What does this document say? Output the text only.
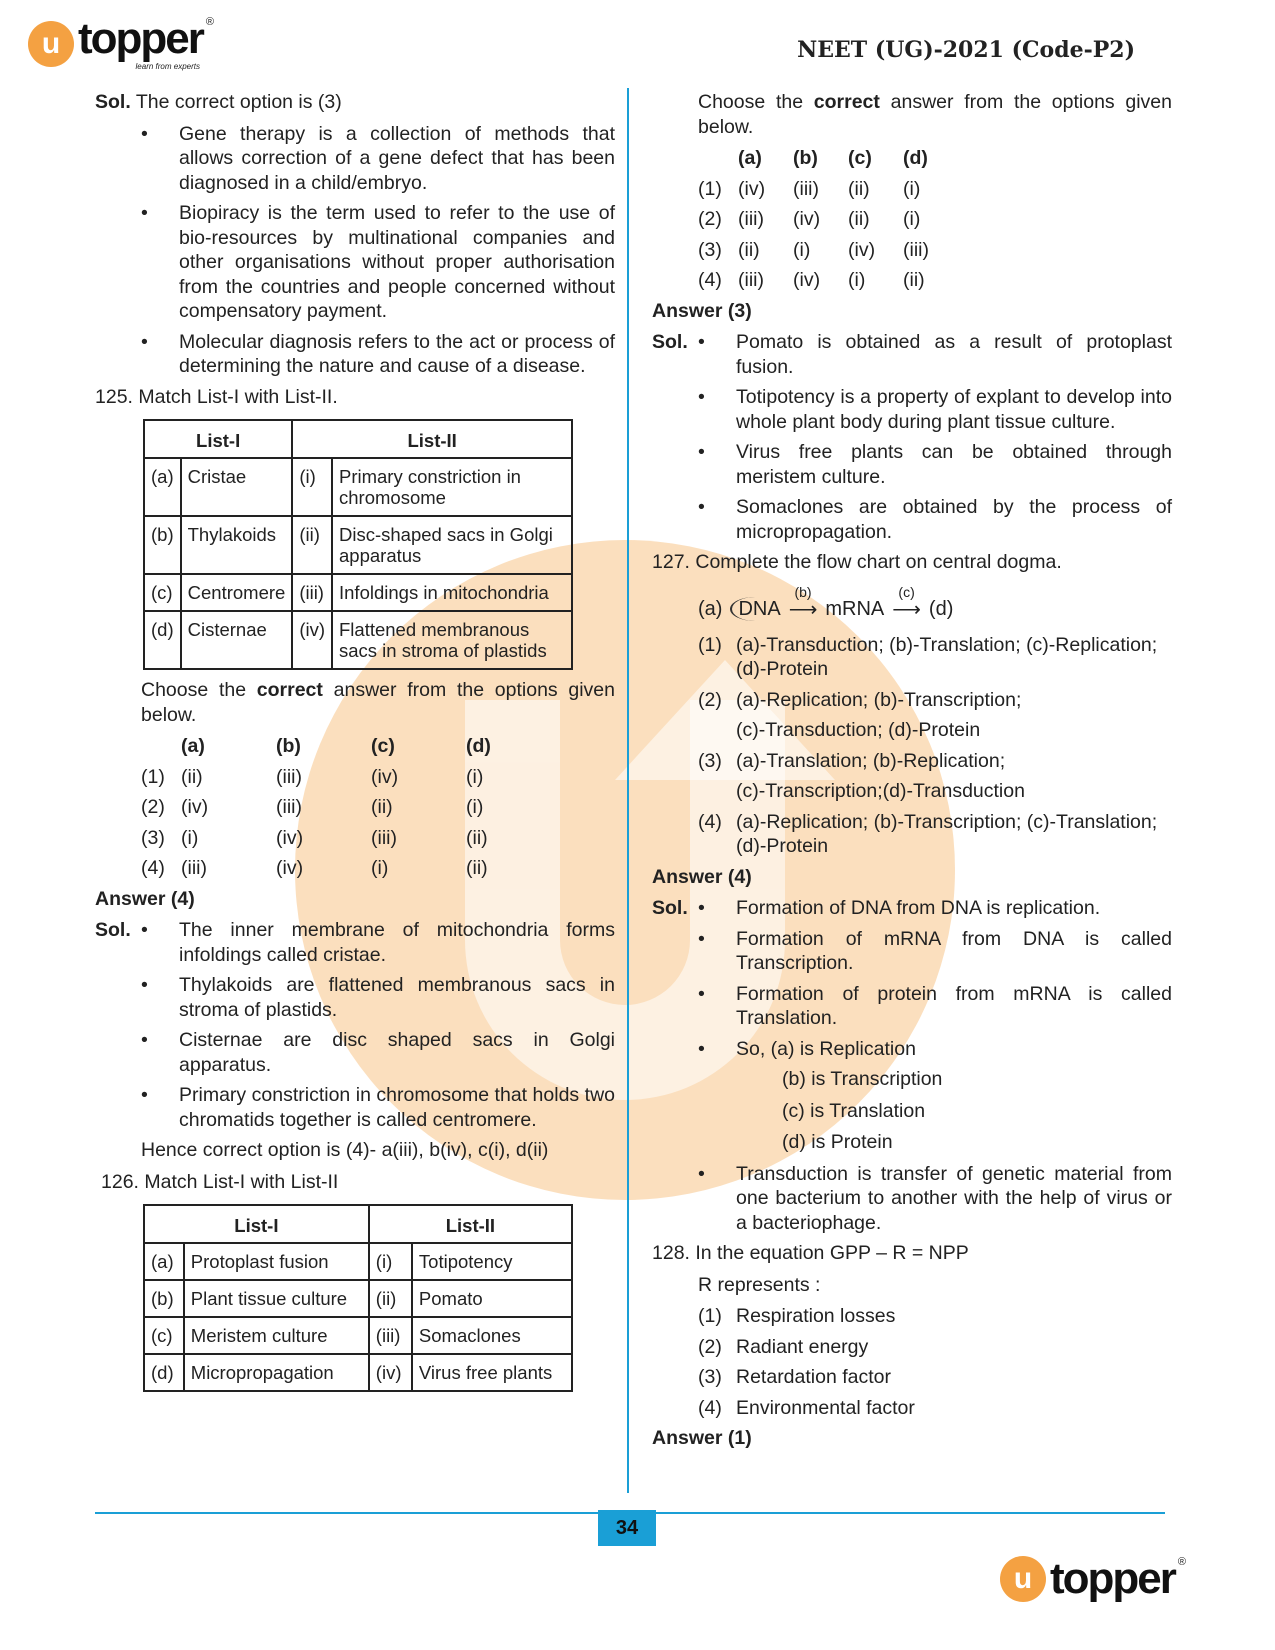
u topper ®
learn from experts
NEET (UG)-2021 (Code-P2)
Sol. The correct option is (3)
•	Gene therapy is a collection of methods that allows correction of a gene defect that has been diagnosed in a child/embryo.
•	Biopiracy is the term used to refer to the use of bio-resources by multinational companies and other organisations without proper authorisation from the countries and people concerned without compensatory payment.
•	Molecular diagnosis refers to the act or process of determining the nature and cause of a disease.
125. Match List-I with List-II.
List-I		List-II	
(a)	Cristae	(i)	Primary constriction in chromosome
(b)	Thylakoids	(ii)	Disc-shaped sacs in Golgi apparatus
(c)	Centromere	(iii)	Infoldings in mitochondria
(d)	Cisternae	(iv)	Flattened membranous sacs in stroma of plastids
Choose the correct answer from the options given below.
(a)	(b)	(c)	(d)
(1) (ii)	(iii)	(iv)	(i)
(2) (iv)	(iii)	(ii)	(i)
(3) (i)	(iv)	(iii)	(ii)
(4) (iii)	(iv)	(i)	(ii)
Answer (4)
Sol. •	The inner membrane of mitochondria forms infoldings called cristae.
•	Thylakoids are flattened membranous sacs in stroma of plastids.
•	Cisternae are disc shaped sacs in Golgi apparatus.
•	Primary constriction in chromosome that holds two chromatids together is called centromere.
Hence correct option is (4)- a(iii), b(iv), c(i), d(ii)
126. Match List-I with List-II
List-I		List-II	
(a)	Protoplast fusion	(i)	Totipotency
(b)	Plant tissue culture	(ii)	Pomato
(c)	Meristem culture	(iii)	Somaclones
(d)	Micropropagation	(iv)	Virus free plants
Choose the correct answer from the options given below.
(a)	(b)	(c)	(d)
(1) (iv)	(iii)	(ii)	(i)
(2) (iii)	(iv)	(ii)	(i)
(3) (ii)	(i)	(iv)	(iii)
(4) (iii)	(iv)	(i)	(ii)
Answer (3)
Sol. •	Pomato is obtained as a result of protoplast fusion.
•	Totipotency is a property of explant to develop into whole plant body during plant tissue culture.
•	Virus free plants can be obtained through meristem culture.
•	Somaclones are obtained by the process of micropropagation.
127. Complete the flow chart on central dogma.
(a) DNA
(b)
⟶ mRNA
(c)
⟶ (d)
(1) (a)-Transduction; (b)-Translation; (c)-Replication; (d)-Protein
(2) (a)-Replication; (b)-Transcription;
(c)-Transduction; (d)-Protein
(3) (a)-Translation; (b)-Replication;
(c)-Transcription;(d)-Transduction
(4) (a)-Replication; (b)-Transcription; (c)-Translation; (d)-Protein
Answer (4)
Sol. •	Formation of DNA from DNA is replication.
•	Formation of mRNA from DNA is called Transcription.
•	Formation of protein from mRNA is called Translation.
•	So, (a) is Replication
(b) is Transcription
(c) is Translation
(d) is Protein
•	Transduction is transfer of genetic material from one bacterium to another with the help of virus or a bacteriophage.
128. In the equation GPP – R = NPP
R represents :
(1) Respiration losses
(2) Radiant energy
(3) Retardation factor
(4) Environmental factor
Answer (1)
34
u topper ®
